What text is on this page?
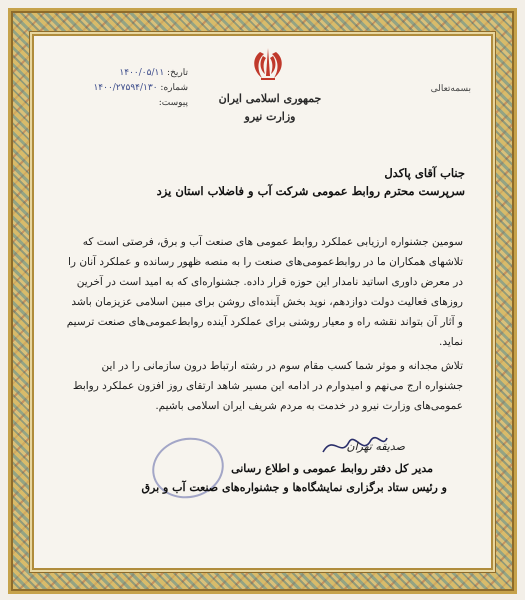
جمهوری اسلامی ایران
وزارت نیرو
بسمه‌تعالی
تاریخ: ۱۴۰۰/۰۵/۱۱
شماره: ۱۴۰۰/۲۷۵۹۴/۱۳۰
پیوست:
جناب آقای پاکدل
سرپرست محترم روابط عمومی شرکت آب و فاضلاب استان یزد

سومین جشنواره ارزیابی عملکرد روابط عمومی های صنعت آب و برق، فرصتی است که تلاشهای همکاران ما در روابط‌عمومی‌های صنعت را به منصه ظهور رسانده و عملکرد آنان را در معرض داوری اساتید نامدار این حوزه قرار داده. جشنواره‌ای که به امید است در آخرین روزهای فعالیت دولت دوازدهم، نوید بخش آینده‌ای روشن برای مبین اسلامی عزیزمان باشد و آثار آن بتواند نقشه راه و معیار روشنی برای عملکرد آینده روابط‌عمومی‌های صنعت ترسیم نماید.

تلاش مجدانه و موثر شما کسب مقام سوم در رشته ارتباط درون سازمانی را در این جشنواره ارج می‌نهم و امیدوارم در ادامه این مسیر شاهد ارتقای روز افزون عملکرد روابط عمومی‌های وزارت نیرو در خدمت به مردم شریف ایران اسلامی باشیم.

صدیقه تهران
مدیر کل دفتر روابط عمومی و اطلاع رسانی
و رئیس ستاد برگزاری نمایشگاه‌ها و جشنواره‌های صنعت آب و برق
